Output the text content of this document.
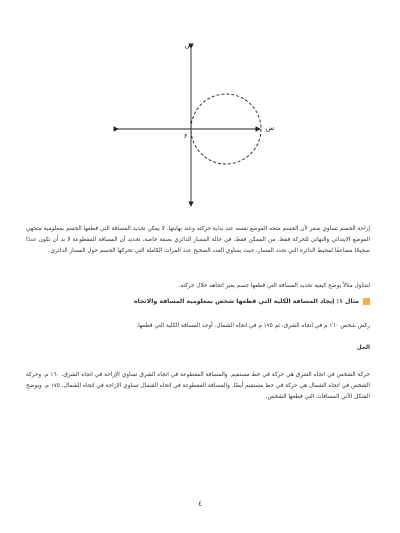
ص
س
و

إزاحة الجسم تساوي صفر لأن الجسم متجه الموضع نفسه عند بداية حركته وعند نهايتها. لا يمكن تحديد المسافة التي قطعها الجسم بمعلومية متجهي الموضع الابتدائي والنهائي للحركة فقط. من الممكن فقط، في حالة المسار الدائري بصفة خاصة، تحديد أن المسافة المقطوعة لا بد أن تكون عددًا صحيحًا مضاعفًا لمحيط الدائرة التي تحدد المسار، حيث يساوي العدد الصحيح عدد المرات الكاملة التي تحركها الجسم حول المسار الدائري.

لنتناول مثالاً يوضح كيفية تحديد المسافة التي قطعها جسم يغير اتجاهه خلال حركته.

مثال ١: إيجاد المسافة الكلية التي قطعها شخص بمعلومية المسافة والاتجاه

ركض شخص ١٦٠ م في اتجاه الشرق، ثم ١٧٥ م في اتجاه الشمال. أوجد المسافة الكلية التي قطعها.

الحل

حركة الشخص في اتجاه الشرق هي حركة في خط مستقيم. والمسافة المقطوعة في اتجاه الشرق تساوي الإزاحة في اتجاه الشرق، ١٦٠ م. وحركة الشخص في اتجاه الشمال هي حركة في خط مستقيم أيضًا. والمسافة المقطوعة في اتجاه الشمال تساوي الإزاحة في اتجاه الشمال، ١٧٥ م. ويوضح الشكل الآتي المسافات التي قطعها الشخص.

٤
